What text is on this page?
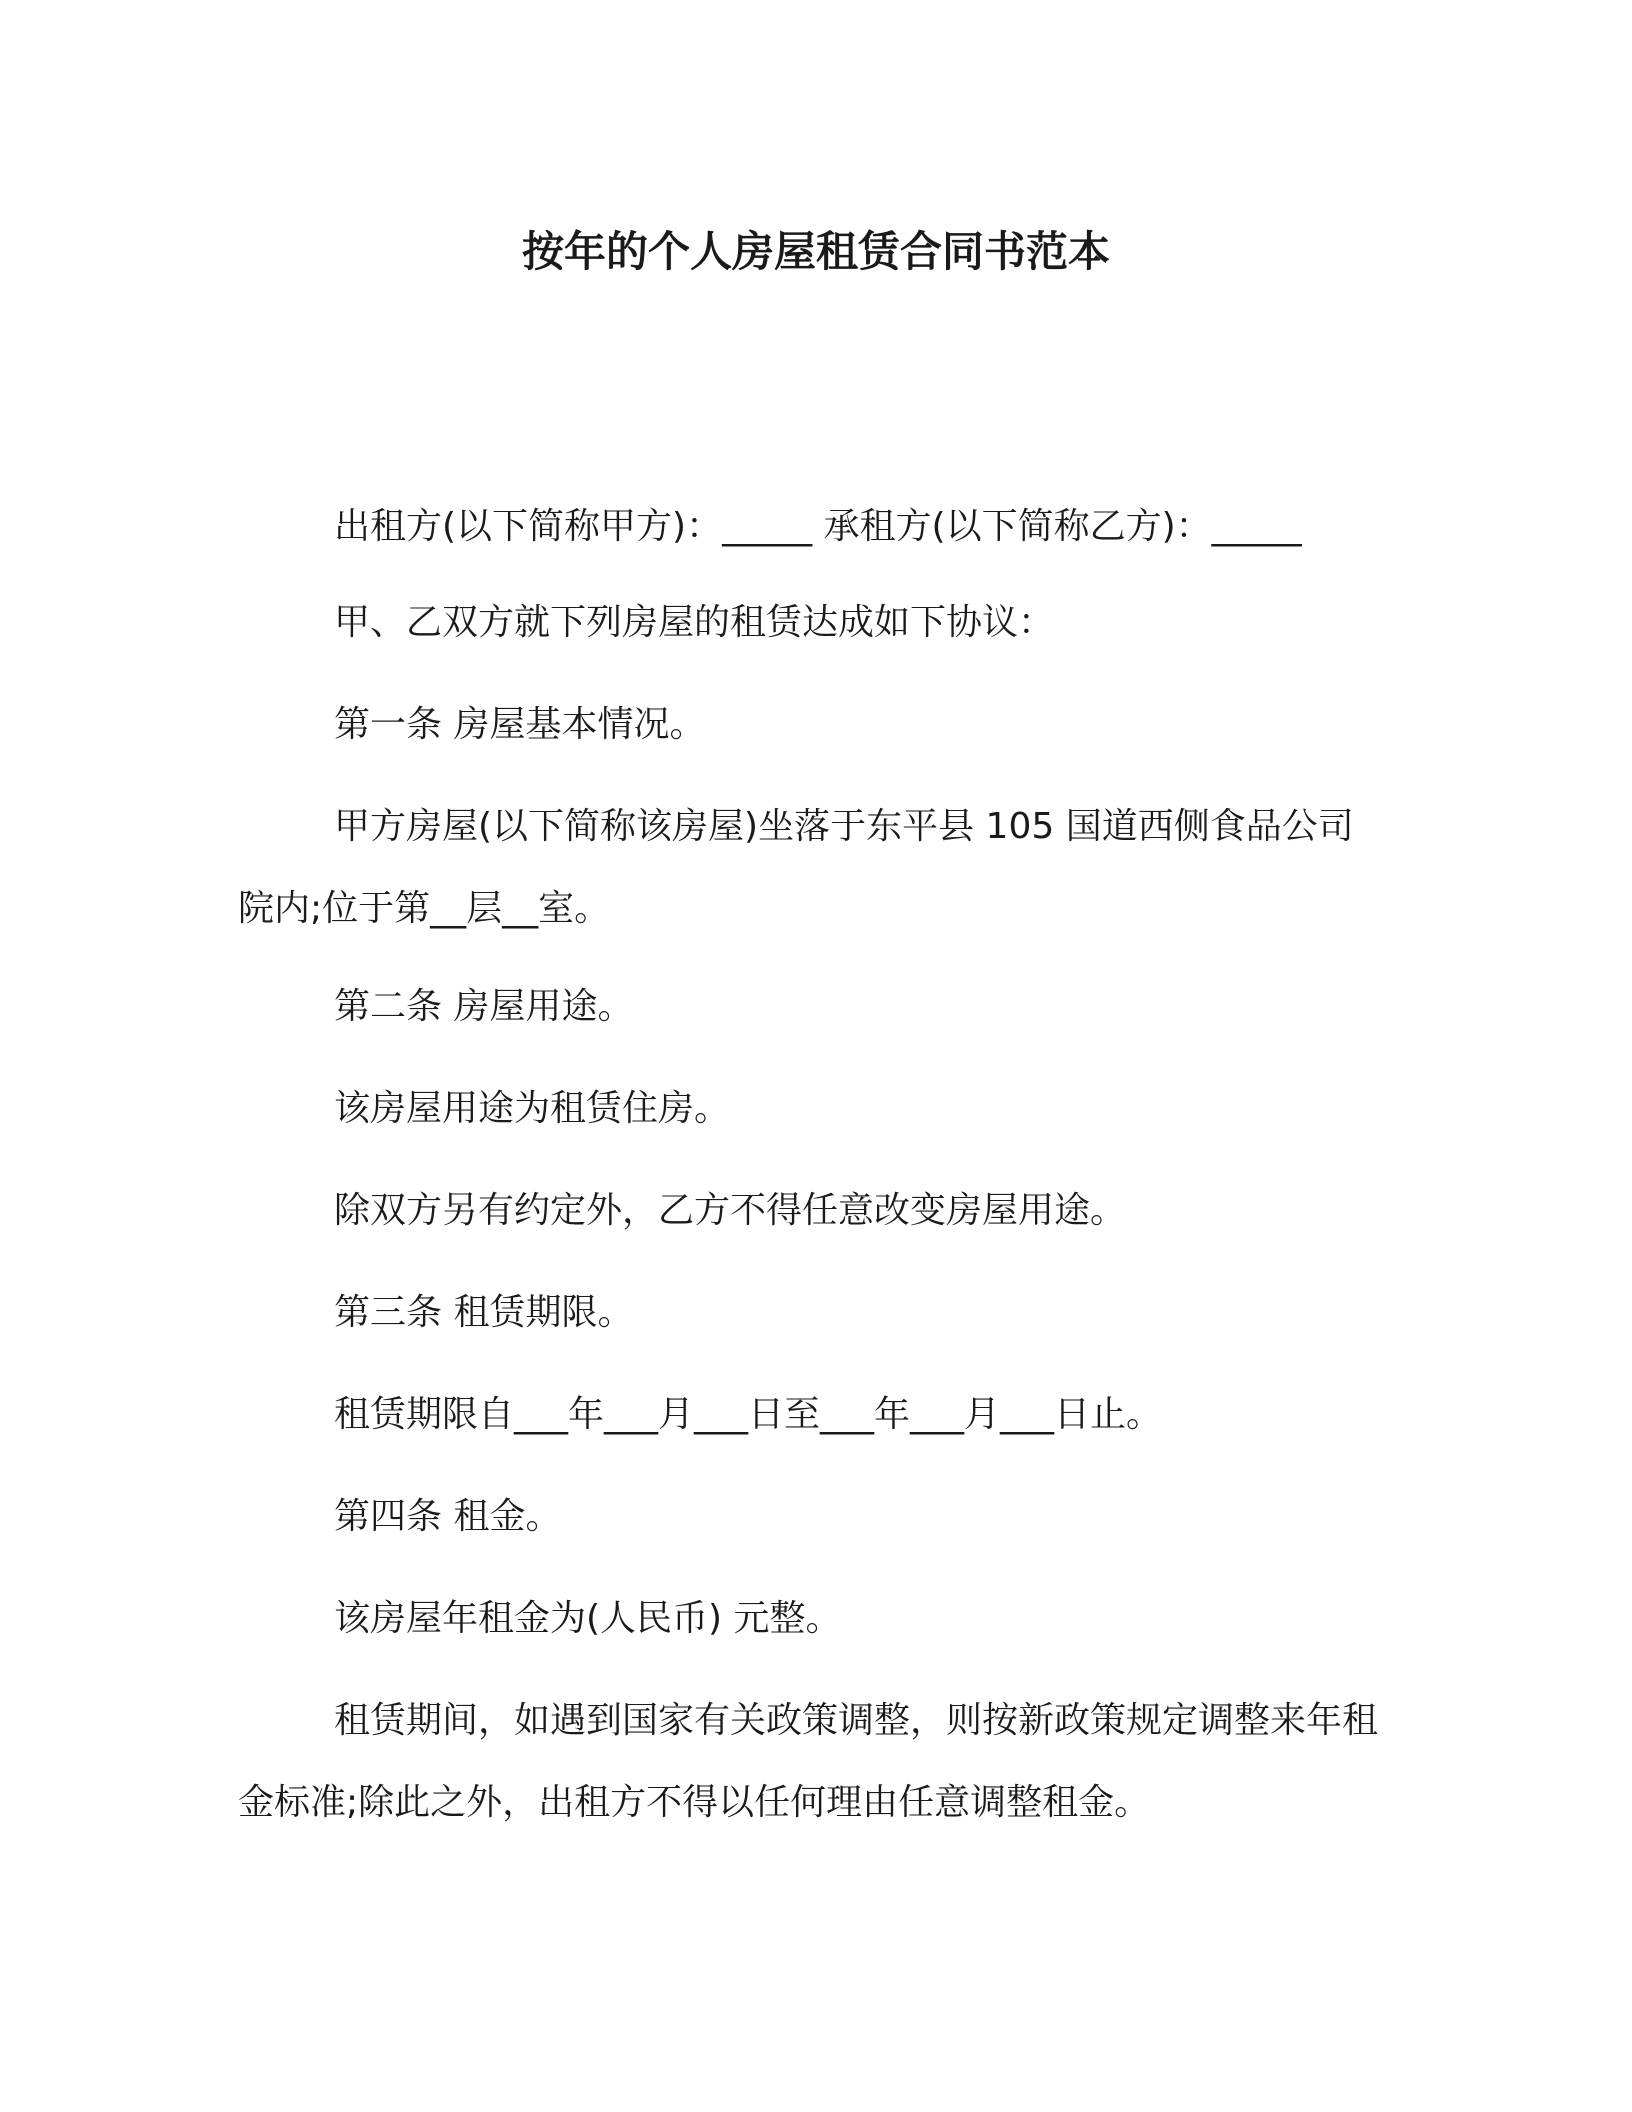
按年的个人房屋租赁合同书范本

出租方(以下简称甲方)：_____ 承租方(以下简称乙方)：_____

甲、乙双方就下列房屋的租赁达成如下协议：

第一条 房屋基本情况。

甲方房屋(以下简称该房屋)坐落于东平县 105 国道西侧食品公司院内;位于第__层__室。

第二条 房屋用途。

该房屋用途为租赁住房。

除双方另有约定外，乙方不得任意改变房屋用途。

第三条 租赁期限。

租赁期限自___年___月___日至___年___月___日止。

第四条 租金。

该房屋年租金为(人民币) 元整。

租赁期间，如遇到国家有关政策调整，则按新政策规定调整来年租金标准;除此之外，出租方不得以任何理由任意调整租金。
